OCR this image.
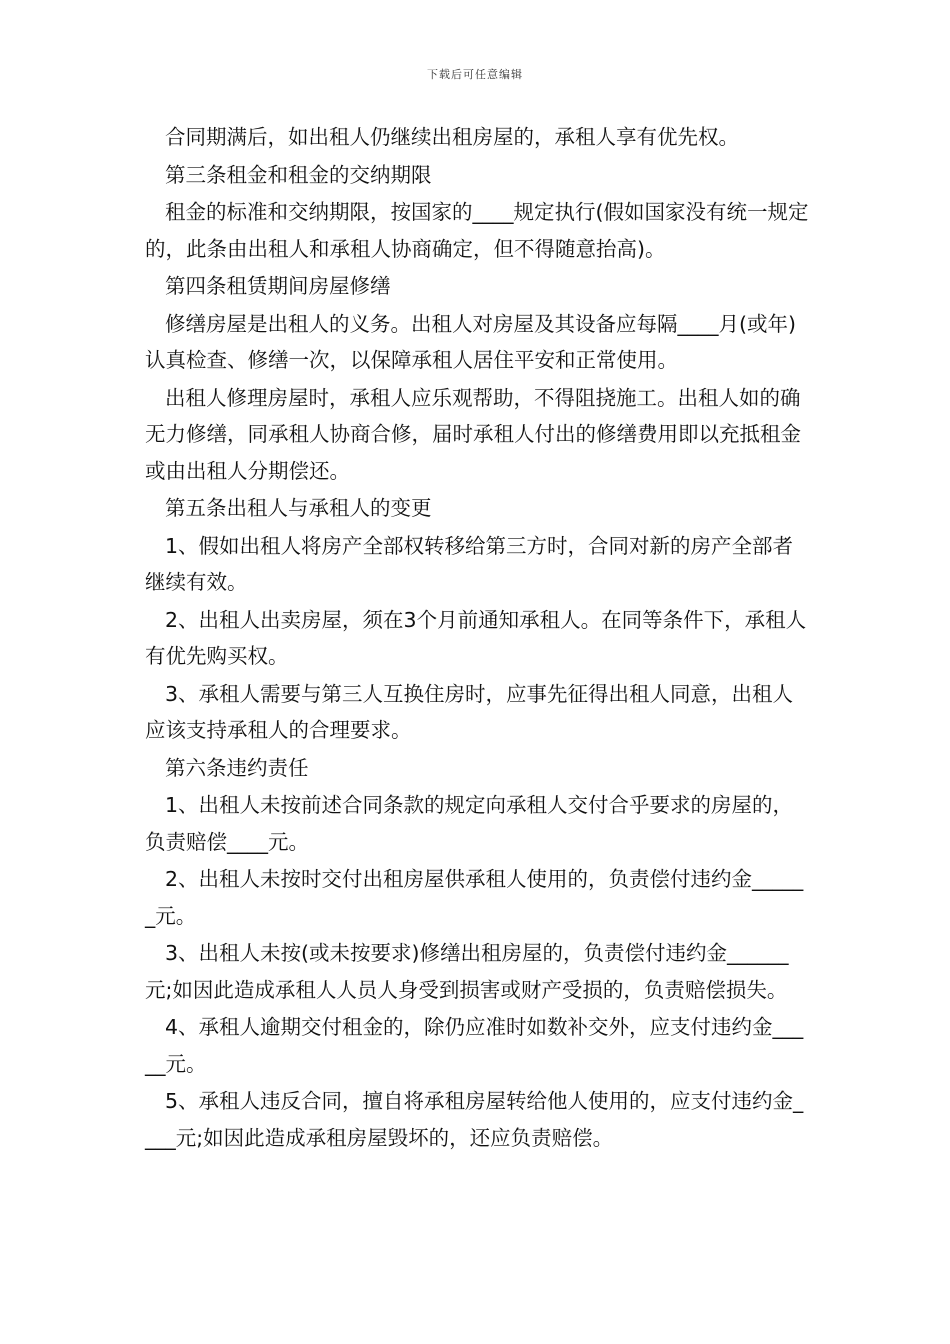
下载后可任意编辑

合同期满后，如出租人仍继续出租房屋的，承租人享有优先权。

第三条租金和租金的交纳期限

租金的标准和交纳期限，按国家的____规定执行(假如国家没有统一规定的，此条由出租人和承租人协商确定，但不得随意抬高)。

第四条租赁期间房屋修缮

修缮房屋是出租人的义务。出租人对房屋及其设备应每隔____月(或年)认真检查、修缮一次，以保障承租人居住平安和正常使用。

出租人修理房屋时，承租人应乐观帮助，不得阻挠施工。出租人如的确无力修缮，同承租人协商合修，届时承租人付出的修缮费用即以充抵租金或由出租人分期偿还。

第五条出租人与承租人的变更

1、假如出租人将房产全部权转移给第三方时，合同对新的房产全部者继续有效。

2、出租人出卖房屋，须在3个月前通知承租人。在同等条件下，承租人有优先购买权。

3、承租人需要与第三人互换住房时，应事先征得出租人同意，出租人应该支持承租人的合理要求。

第六条违约责任

1、出租人未按前述合同条款的规定向承租人交付合乎要求的房屋的，负责赔偿____元。

2、出租人未按时交付出租房屋供承租人使用的，负责偿付违约金______元。

3、出租人未按(或未按要求)修缮出租房屋的，负责偿付违约金______元;如因此造成承租人人员人身受到损害或财产受损的，负责赔偿损失。

4、承租人逾期交付租金的，除仍应准时如数补交外，应支付违约金_____元。

5、承租人违反合同，擅自将承租房屋转给他人使用的，应支付违约金____元;如因此造成承租房屋毁坏的，还应负责赔偿。
